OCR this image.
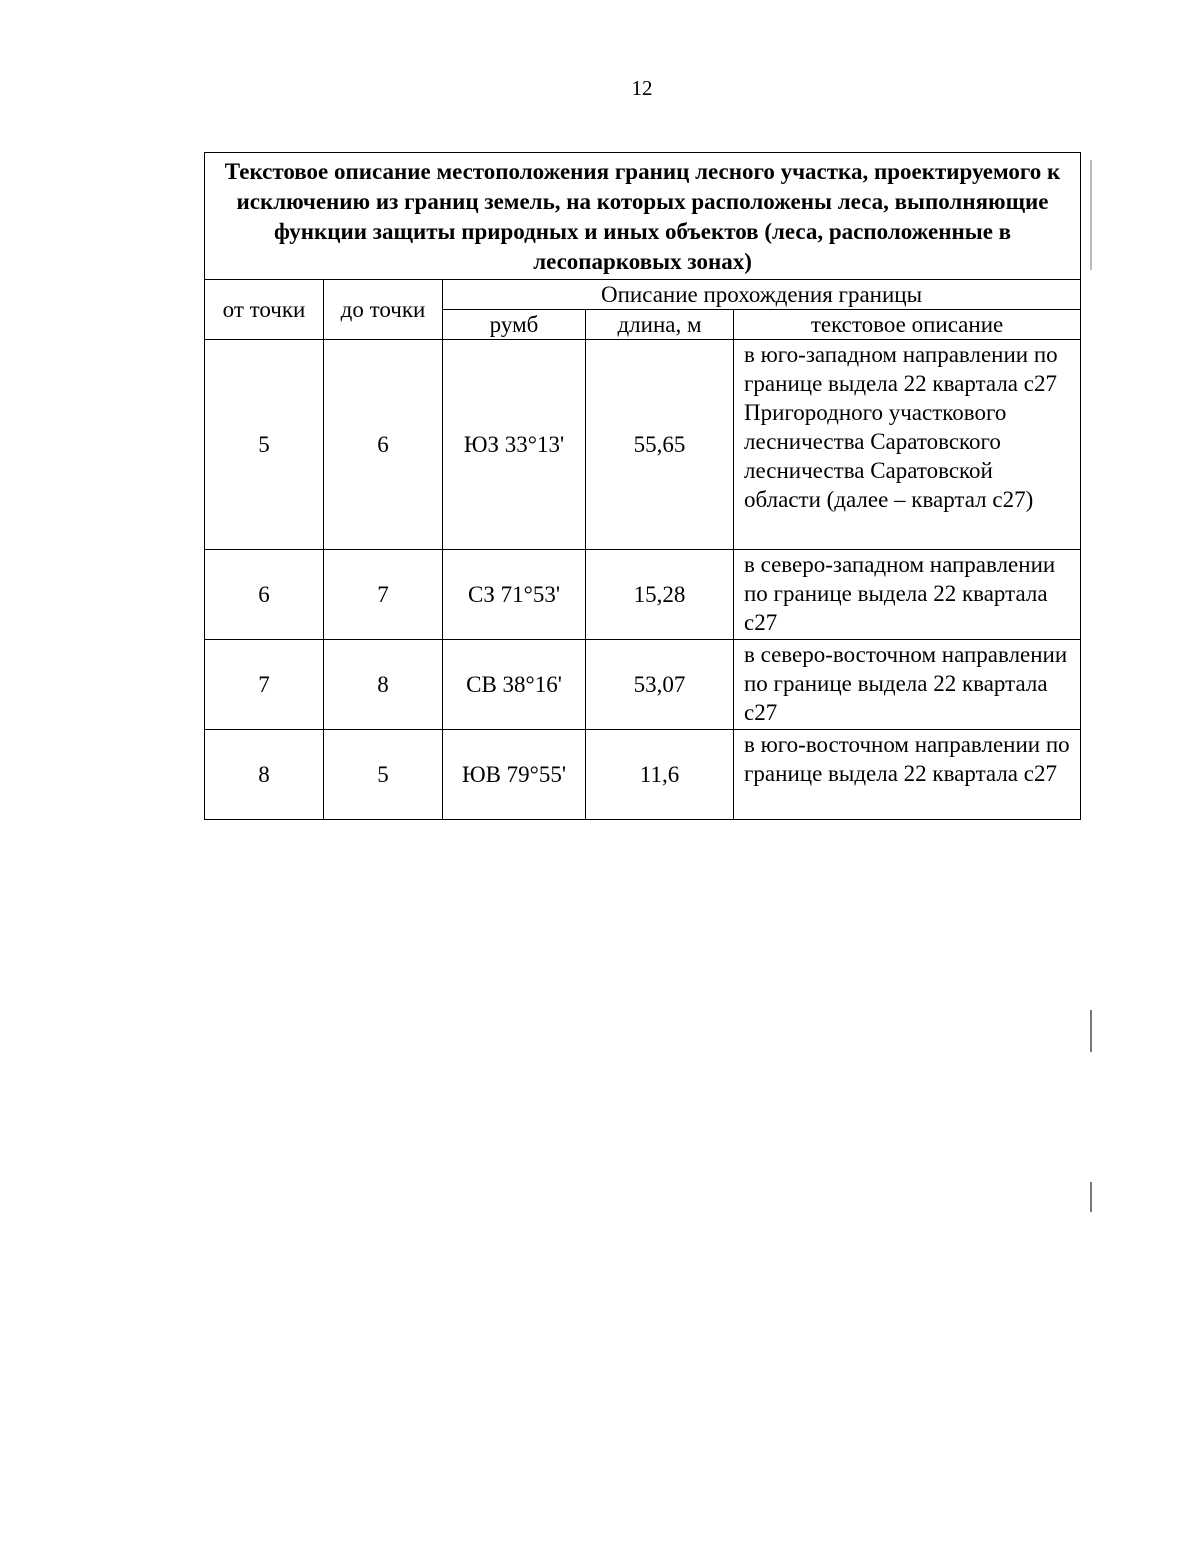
12
Текстовое описание местоположения границ лесного участка, проектируемого к исключению из границ земель, на которых расположены леса, выполняющие функции защиты природных и иных объектов (леса, расположенные в лесопарковых зонах)				
от точки	до точки	Описание прохождения границы		
		румб	длина, м	текстовое описание
5	6	ЮЗ 33°13'	55,65	в юго-западном направлении по границе выдела 22 квартала с27 Пригородного участкового лесничества Саратовского лесничества Саратовской области (далее – квартал с27)
6	7	СЗ 71°53'	15,28	в северо-западном направлении по границе выдела 22 квартала с27
7	8	СВ 38°16'	53,07	в северо-восточном направлении по границе выдела 22 квартала с27
8	5	ЮВ 79°55'	11,6	в юго-восточном направлении по границе выдела 22 квартала с27
